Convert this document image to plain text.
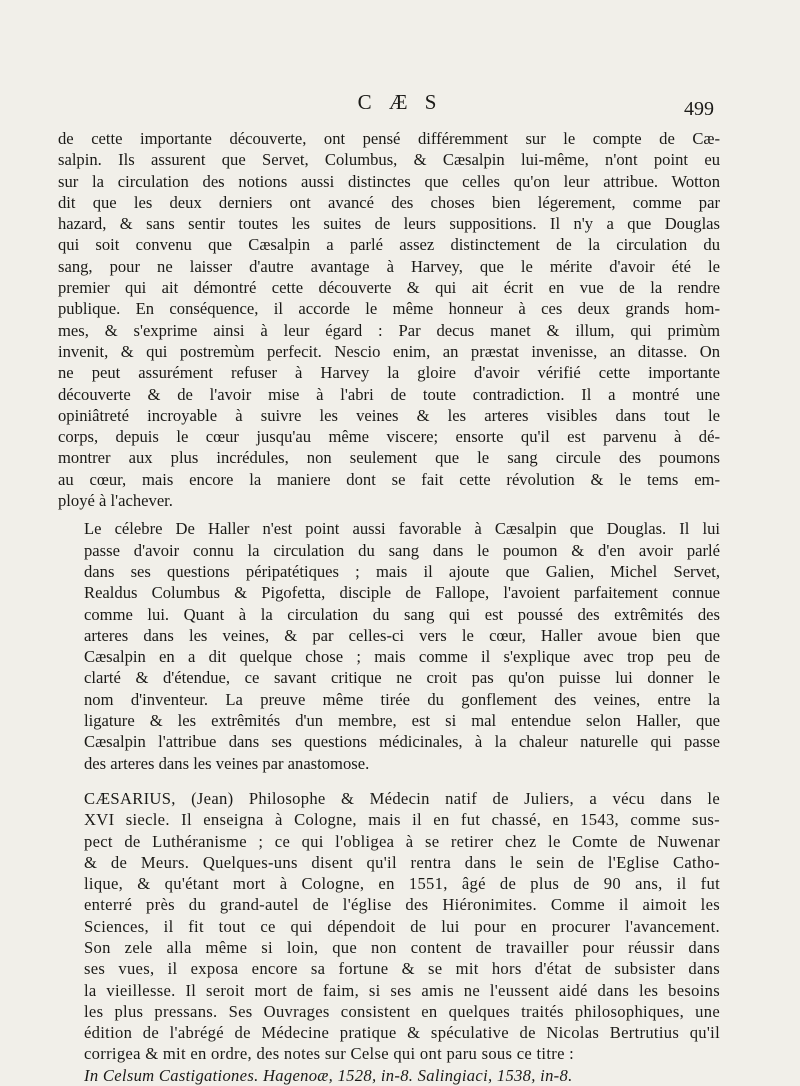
C Æ S	499

de cette importante découverte, ont pensé différemment sur le compte de Cæ-
salpin. Ils assurent que Servet, Columbus, & Cæsalpin lui-même, n'ont point eu
sur la circulation des notions aussi distinctes que celles qu'on leur attribue. Wotton
dit que les deux derniers ont avancé des choses bien légerement, comme par
hazard, & sans sentir toutes les suites de leurs suppositions. Il n'y a que Douglas
qui soit convenu que Cæsalpin a parlé assez distinctement de la circulation du
sang, pour ne laisser d'autre avantage à Harvey, que le mérite d'avoir été le
premier qui ait démontré cette découverte & qui ait écrit en vue de la rendre
publique. En conséquence, il accorde le même honneur à ces deux grands hom-
mes, & s'exprime ainsi à leur égard : Par decus manet & illum, qui primùm
invenit, & qui postremùm perfecit. Nescio enim, an præstat invenisse, an ditasse. On
ne peut assurément refuser à Harvey la gloire d'avoir vérifié cette importante
découverte & de l'avoir mise à l'abri de toute contradiction. Il a montré une
opiniâtreté incroyable à suivre les veines & les arteres visibles dans tout le
corps, depuis le cœur jusqu'au même viscere; ensorte qu'il est parvenu à dé-
montrer aux plus incrédules, non seulement que le sang circule des poumons
au cœur, mais encore la maniere dont se fait cette révolution & le tems em-
ployé à l'achever.

Le célebre De Haller n'est point aussi favorable à Cæsalpin que Douglas. Il lui
passe d'avoir connu la circulation du sang dans le poumon & d'en avoir parlé
dans ses questions péripatétiques ; mais il ajoute que Galien, Michel Servet,
Realdus Columbus & Pigofetta, disciple de Fallope, l'avoient parfaitement connue
comme lui. Quant à la circulation du sang qui est poussé des extrêmités des
arteres dans les veines, & par celles-ci vers le cœur, Haller avoue bien que
Cæsalpin en a dit quelque chose ; mais comme il s'explique avec trop peu de
clarté & d'étendue, ce savant critique ne croit pas qu'on puisse lui donner le
nom d'inventeur. La preuve même tirée du gonflement des veines, entre la
ligature & les extrêmités d'un membre, est si mal entendue selon Haller, que
Cæsalpin l'attribue dans ses questions médicinales, à la chaleur naturelle qui passe
des arteres dans les veines par anastomose.

CÆSARIUS, (Jean) Philosophe & Médecin natif de Juliers, a vécu dans le
XVI siecle. Il enseigna à Cologne, mais il en fut chassé, en 1543, comme sus-
pect de Luthéranisme ; ce qui l'obligea à se retirer chez le Comte de Nuwenar
& de Meurs. Quelques-uns disent qu'il rentra dans le sein de l'Eglise Catho-
lique, & qu'étant mort à Cologne, en 1551, âgé de plus de 90 ans, il fut
enterré près du grand-autel de l'église des Hiéronimites. Comme il aimoit les
Sciences, il fit tout ce qui dépendoit de lui pour en procurer l'avancement.
Son zele alla même si loin, que non content de travailler pour réussir dans
ses vues, il exposa encore sa fortune & se mit hors d'état de subsister dans
la vieillesse. Il seroit mort de faim, si ses amis ne l'eussent aidé dans les besoins
les plus pressans. Ses Ouvrages consistent en quelques traités philosophiques, une
édition de l'abrégé de Médecine pratique & spéculative de Nicolas Bertrutius qu'il
corrigea & mit en ordre, des notes sur Celse qui ont paru sous ce titre :
In Celsum Castigationes. Hagenoæ, 1528, in-8. Salingiaci, 1538, in-8.
